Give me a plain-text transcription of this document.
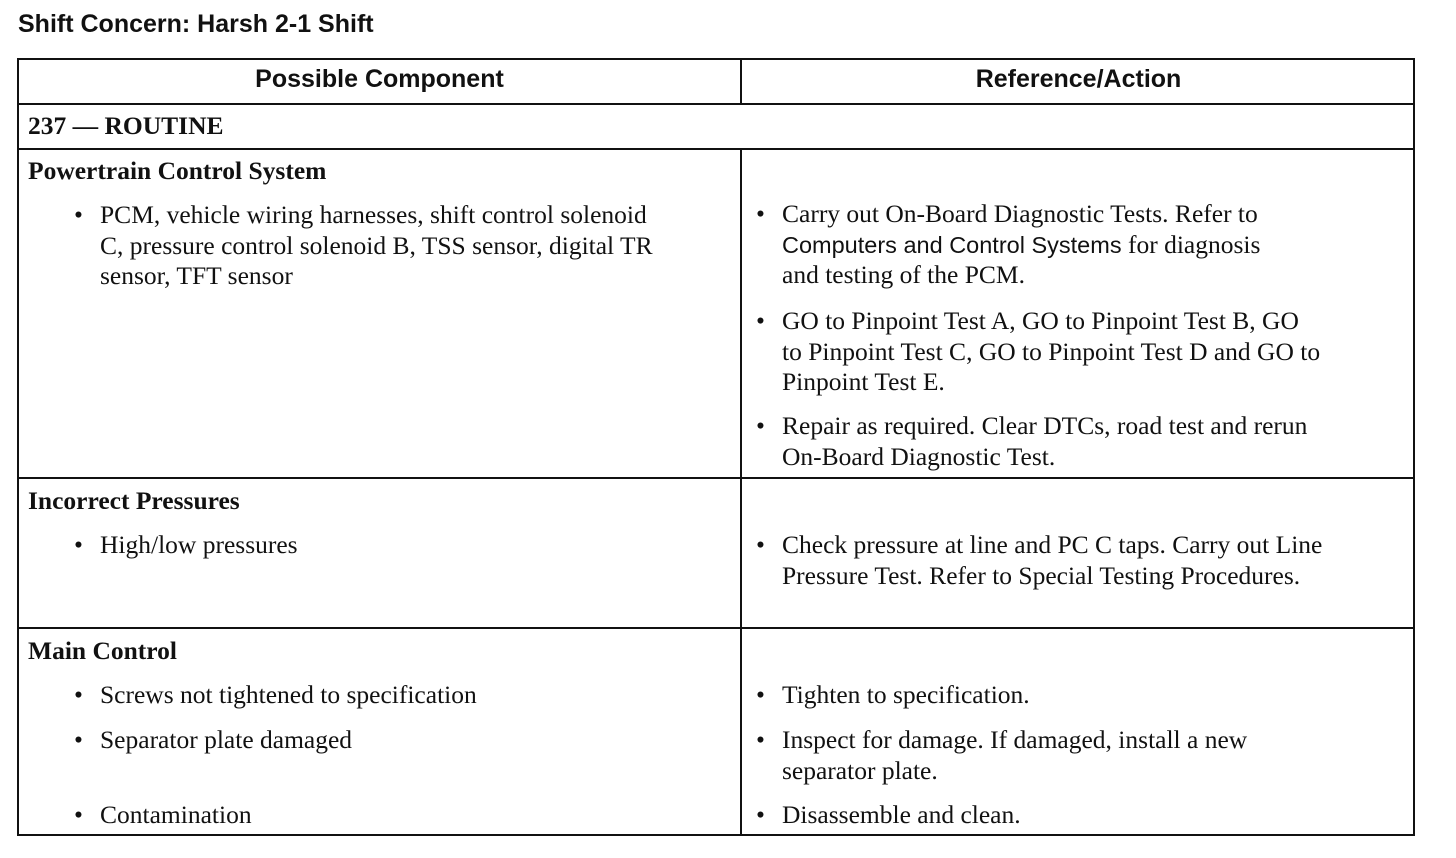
Shift Concern: Harsh 2-1 Shift
Possible Component	Reference/Action
237 — ROUTINE
Powertrain Control System
• PCM, vehicle wiring harnesses, shift control solenoid
C, pressure control solenoid B, TSS sensor, digital TR
sensor, TFT sensor
• Carry out On-Board Diagnostic Tests. Refer to
Computers and Control Systems for diagnosis
and testing of the PCM.
• GO to Pinpoint Test A, GO to Pinpoint Test B, GO
to Pinpoint Test C, GO to Pinpoint Test D and GO to
Pinpoint Test E.
• Repair as required. Clear DTCs, road test and rerun
On-Board Diagnostic Test.
Incorrect Pressures
• High/low pressures	• Check pressure at line and PC C taps. Carry out Line
Pressure Test. Refer to Special Testing Procedures.
Main Control
• Screws not tightened to specification
• Separator plate damaged
• Contamination
• Tighten to specification.
• Inspect for damage. If damaged, install a new
separator plate.
• Disassemble and clean.
